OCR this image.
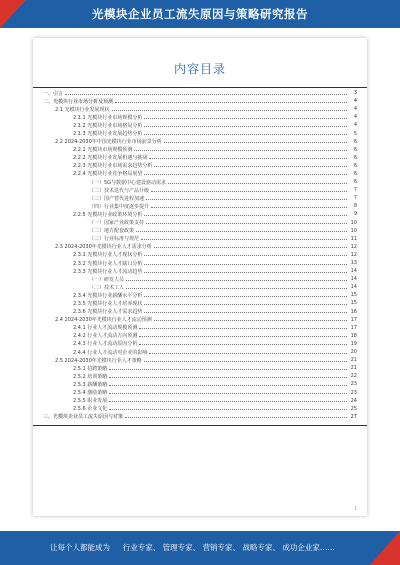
光模块企业员工流失原因与策略研究报告
内容目录
一、引言	3
二、光模块行业市场分析及预测	4
2.1 光模块行业发展现状	4
2.1.1 光模块行业市场规模分析	4
2.1.2 光模块行业市场格局分析	4
2.1.3 光模块行业发展趋势分析	5
2.2 2024-2030年中国光模块行业市场前景分析	6
2.2.1 光模块市场规模预测	6
2.2.2 光模块行业发展机遇与挑战	6
2.2.3 光模块行业市场需求趋势分析	6
2.2.4 光模块行业竞争格局展望	6
（一）5G与数据中心建设驱动需求	6
（二）技术迭代与产品升级	7
（三）国产替代进程加速	7
（四）行业集中度逐步提升	8
2.2.5 光模块行业政策环境分析	9
（一）国家产业政策支持	10
（二）地方配套政策	10
（三）行业标准与规范	11
2.3 2024-2030年光模块行业人才需求分析	12
2.3.1 光模块行业人才现状分析	12
2.3.2 光模块行业人才缺口分析	13
2.3.3 光模块行业人才流动趋势	14
（一）研发人员	14
（二）技术工人	14
2.3.4 光模块行业薪酬水平分析	15
2.3.5 光模块行业人才培养现状	15
2.3.6 光模块行业人才需求趋势	16
2.4 2024-2030年光模块行业人才流动预测	17
2.4.1 行业人才流动规模预测	17
2.4.2 行业人才流动方向预测	18
2.4.3 行业人才流动原因分析	19
2.4.4 行业人才流动对企业的影响	20
2.5 2024-2030年光模块行业人才策略	21
2.5.1 招聘策略	21
2.5.2 培训策略	22
2.5.3 薪酬策略	23
2.5.4 激励策略	23
2.5.5 职业发展	24
2.5.6 企业文化	25
三、光模块企业员工流失原因与对策	27
1
让每个人都能成为 行业专家、 管理专家、 营销专家、 战略专家、 成功企业家……
